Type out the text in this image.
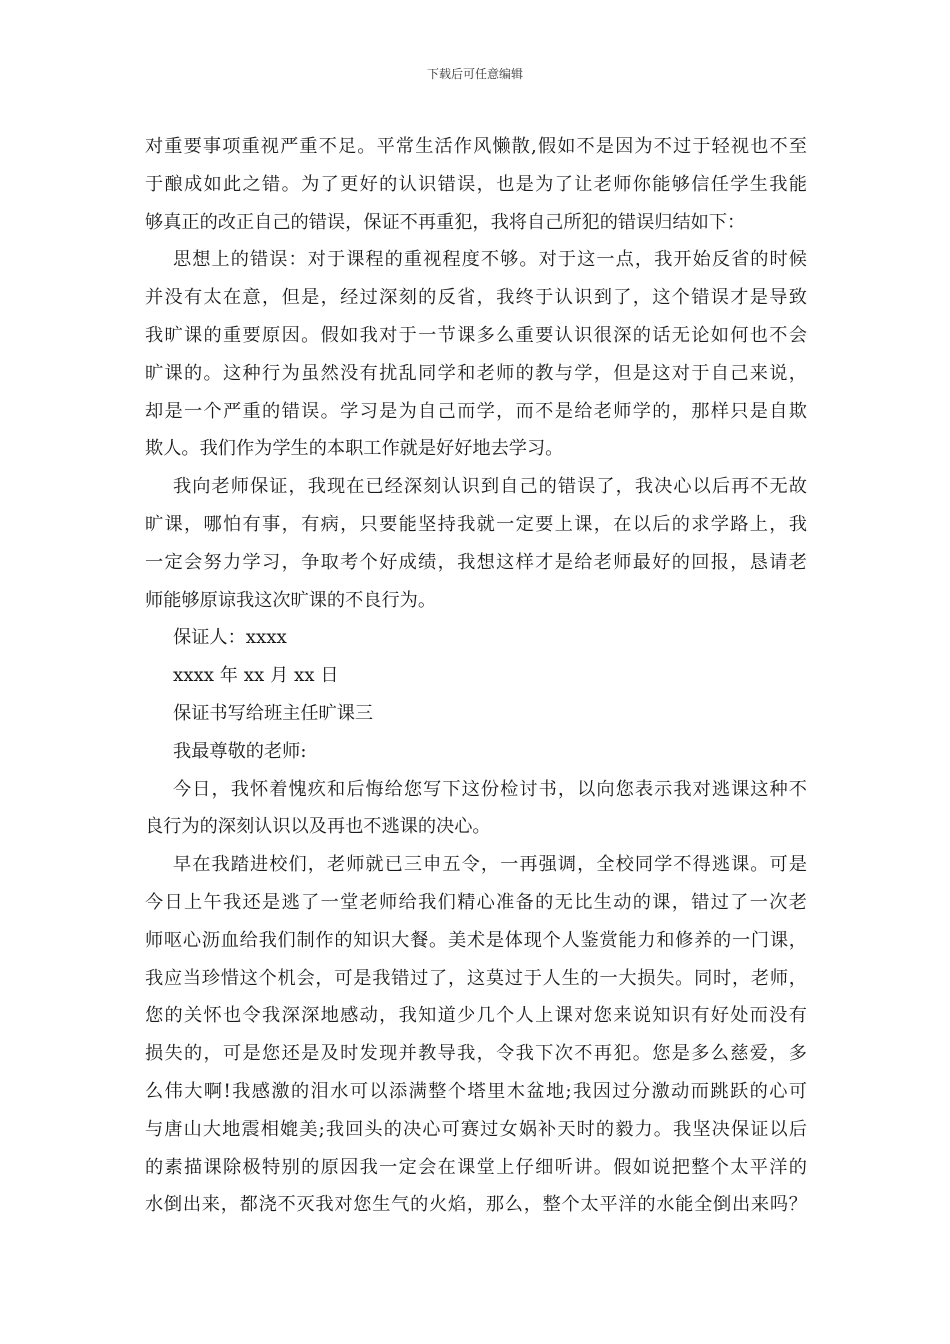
下载后可任意编辑
对重要事项重视严重不足。平常生活作风懒散,假如不是因为不过于轻视也不至
于酿成如此之错。为了更好的认识错误，也是为了让老师你能够信任学生我能
够真正的改正自己的错误，保证不再重犯，我将自己所犯的错误归结如下：
思想上的错误：对于课程的重视程度不够。对于这一点，我开始反省的时候
并没有太在意，但是，经过深刻的反省，我终于认识到了，这个错误才是导致
我旷课的重要原因。假如我对于一节课多么重要认识很深的话无论如何也不会
旷课的。这种行为虽然没有扰乱同学和老师的教与学，但是这对于自己来说，
却是一个严重的错误。学习是为自己而学，而不是给老师学的，那样只是自欺
欺人。我们作为学生的本职工作就是好好地去学习。
我向老师保证，我现在已经深刻认识到自己的错误了，我决心以后再不无故
旷课，哪怕有事，有病，只要能坚持我就一定要上课，在以后的求学路上，我
一定会努力学习，争取考个好成绩，我想这样才是给老师最好的回报，恳请老
师能够原谅我这次旷课的不良行为。
保证人：xxxx
xxxx 年 xx 月 xx 日
保证书写给班主任旷课三
我最尊敬的老师:
今日，我怀着愧疚和后悔给您写下这份检讨书，以向您表示我对逃课这种不
良行为的深刻认识以及再也不逃课的决心。
早在我踏进校们，老师就已三申五令，一再强调，全校同学不得逃课。可是
今日上午我还是逃了一堂老师给我们精心准备的无比生动的课，错过了一次老
师呕心沥血给我们制作的知识大餐。美术是体现个人鉴赏能力和修养的一门课，
我应当珍惜这个机会，可是我错过了，这莫过于人生的一大损失。同时，老师，
您的关怀也令我深深地感动，我知道少几个人上课对您来说知识有好处而没有
损失的，可是您还是及时发现并教导我，令我下次不再犯。您是多么慈爱，多
么伟大啊!我感激的泪水可以添满整个塔里木盆地;我因过分激动而跳跃的心可
与唐山大地震相媲美;我回头的决心可赛过女娲补天时的毅力。我坚决保证以后
的素描课除极特别的原因我一定会在课堂上仔细听讲。假如说把整个太平洋的
水倒出来，都浇不灭我对您生气的火焰，那么，整个太平洋的水能全倒出来吗？
